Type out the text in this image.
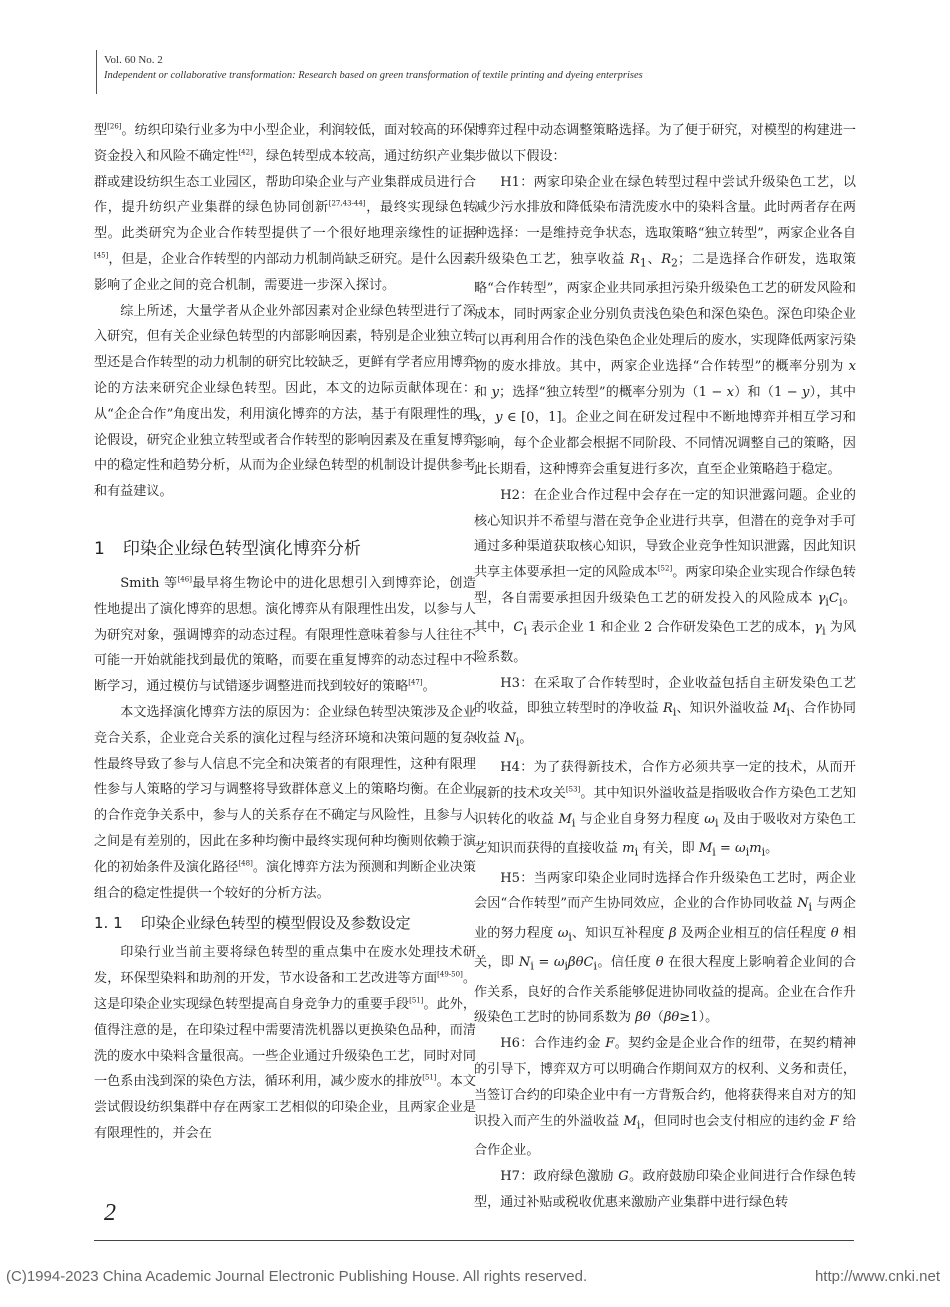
Vol. 60 No. 2
Independent or collaborative transformation: Research based on green transformation of textile printing and dyeing enterprises

型[26]。纺织印染行业多为中小型企业，利润较低，面对较高的环保资金投入和风险不确定性[42]，绿色转型成本较高，通过纺织产业集群或建设纺织生态工业园区，帮助印染企业与产业集群成员进行合作，提升纺织产业集群的绿色协同创新[27,43-44]，最终实现绿色转型。此类研究为企业合作转型提供了一个很好地理亲缘性的证据[45]，但是，企业合作转型的内部动力机制尚缺乏研究。是什么因素影响了企业之间的竞合机制，需要进一步深入探讨。

综上所述，大量学者从企业外部因素对企业绿色转型进行了深入研究，但有关企业绿色转型的内部影响因素，特别是企业独立转型还是合作转型的动力机制的研究比较缺乏，更鲜有学者应用博弈论的方法来研究企业绿色转型。因此，本文的边际贡献体现在：从“企企合作”角度出发，利用演化博弈的方法，基于有限理性的理论假设，研究企业独立转型或者合作转型的影响因素及在重复博弈中的稳定性和趋势分析，从而为企业绿色转型的机制设计提供参考和有益建议。

1 印染企业绿色转型演化博弈分析

Smith 等[46]最早将生物论中的进化思想引入到博弈论，创造性地提出了演化博弈的思想。演化博弈从有限理性出发，以参与人为研究对象，强调博弈的动态过程。有限理性意味着参与人往往不可能一开始就能找到最优的策略，而要在重复博弈的动态过程中不断学习，通过模仿与试错逐步调整进而找到较好的策略[47]。

本文选择演化博弈方法的原因为：企业绿色转型决策涉及企业竞合关系，企业竞合关系的演化过程与经济环境和决策问题的复杂性最终导致了参与人信息不完全和决策者的有限理性，这种有限理性参与人策略的学习与调整将导致群体意义上的策略均衡。在企业的合作竞争关系中，参与人的关系存在不确定与风险性，且参与人之间是有差别的，因此在多种均衡中最终实现何种均衡则依赖于演化的初始条件及演化路径[48]。演化博弈方法为预测和判断企业决策组合的稳定性提供一个较好的分析方法。

1. 1 印染企业绿色转型的模型假设及参数设定

印染行业当前主要将绿色转型的重点集中在废水处理技术研发，环保型染料和助剂的开发，节水设备和工艺改进等方面[49-50]。这是印染企业实现绿色转型提高自身竞争力的重要手段[51]。此外，值得注意的是，在印染过程中需要清洗机器以更换染色品种，而清洗的废水中染料含量很高。一些企业通过升级染色工艺，同时对同一色系由浅到深的染色方法，循环利用，减少废水的排放[51]。本文尝试假设纺织集群中存在两家工艺相似的印染企业，且两家企业是有限理性的，并会在

博弈过程中动态调整策略选择。为了便于研究，对模型的构建进一步做以下假设：

H1：两家印染企业在绿色转型过程中尝试升级染色工艺，以减少污水排放和降低染布清洗废水中的染料含量。此时两者存在两种选择：一是维持竞争状态，选取策略“独立转型”，两家企业各自升级染色工艺，独享收益 $R_1$、$R_2$；二是选择合作研发，选取策略“合作转型”，两家企业共同承担污染升级染色工艺的研发风险和成本，同时两家企业分别负责浅色染色和深色染色。深色印染企业可以再利用合作的浅色染色企业处理后的废水，实现降低两家污染物的废水排放。其中，两家企业选择“合作转型”的概率分别为 x 和 y；选择“独立转型”的概率分别为（1 − x）和（1 − y），其中 x，y ∈ [0，1]。企业之间在研发过程中不断地博弈并相互学习和影响，每个企业都会根据不同阶段、不同情况调整自己的策略，因此长期看，这种博弈会重复进行多次，直至企业策略趋于稳定。

H2：在企业合作过程中会存在一定的知识泄露问题。企业的核心知识并不希望与潜在竞争企业进行共享，但潜在的竞争对手可通过多种渠道获取核心知识，导致企业竞争性知识泄露，因此知识共享主体要承担一定的风险成本[52]。两家印染企业实现合作绿色转型，各自需要承担因升级染色工艺的研发投入的风险成本 $\gamma_iC_i$。其中，$C_i$ 表示企业 1 和企业 2 合作研发染色工艺的成本，$\gamma_i$ 为风险系数。

H3：在采取了合作转型时，企业收益包括自主研发染色工艺的收益，即独立转型时的净收益 $R_i$、知识外溢收益 $M_i$、合作协同收益 $N_i$。

H4：为了获得新技术，合作方必须共享一定的技术，从而开展新的技术攻关[53]。其中知识外溢收益是指吸收合作方染色工艺知识转化的收益 $M_i$ 与企业自身努力程度 $\omega_i$ 及由于吸收对方染色工艺知识而获得的直接收益 $m_i$ 有关，即 $M_i = \omega_im_i$。

H5：当两家印染企业同时选择合作升级染色工艺时，两企业会因“合作转型”而产生协同效应，企业的合作协同收益 $N_i$ 与两企业的努力程度 $\omega_i$、知识互补程度 β 及两企业相互的信任程度 θ 相关，即 $N_i = \omega_i\beta\theta C_i$。信任度 θ 在很大程度上影响着企业间的合作关系，良好的合作关系能够促进协同收益的提高。企业在合作升级染色工艺时的协同系数为 βθ（βθ≥1）。

H6：合作违约金 F。契约金是企业合作的纽带，在契约精神的引导下，博弈双方可以明确合作期间双方的权利、义务和责任，当签订合约的印染企业中有一方背叛合约，他将获得来自对方的知识投入而产生的外溢收益 $M_i$，但同时也会支付相应的违约金 F 给合作企业。

H7：政府绿色激励 G。政府鼓励印染企业间进行合作绿色转型，通过补贴或税收优惠来激励产业集群中进行绿色转

2
(C)1994-2023 China Academic Journal Electronic Publishing House. All rights reserved.	http://www.cnki.net
